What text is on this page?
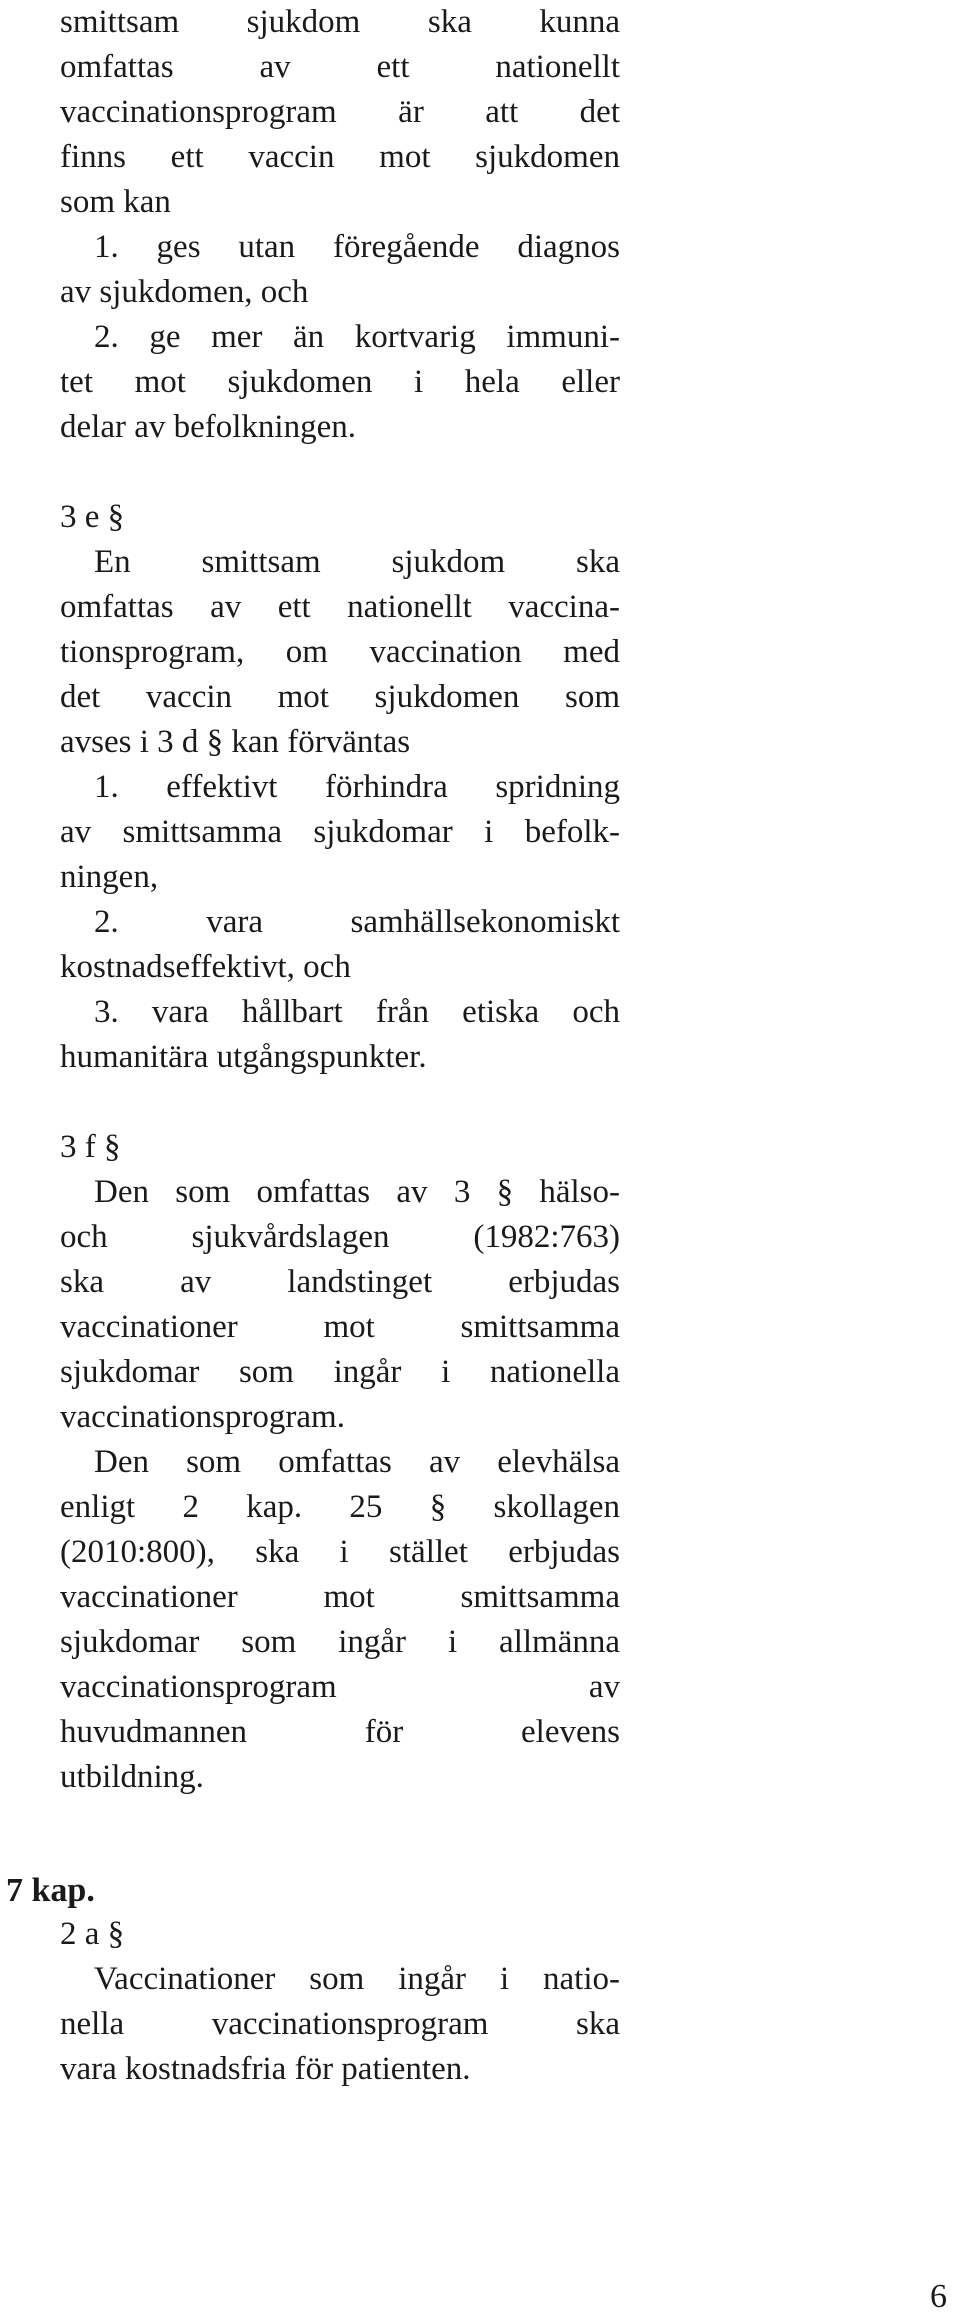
smittsam sjukdom ska kunna
omfattas av ett nationellt
vaccinationsprogram är att det
finns ett vaccin mot sjukdomen
som kan
1. ges utan föregående diagnos
av sjukdomen, och
2. ge mer än kortvarig immuni-
tet mot sjukdomen i hela eller
delar av befolkningen.
3 e §
En smittsam sjukdom ska
omfattas av ett nationellt vaccina-
tionsprogram, om vaccination med
det vaccin mot sjukdomen som
avses i 3 d § kan förväntas
1. effektivt förhindra spridning
av smittsamma sjukdomar i befolk-
ningen,
2. vara samhällsekonomiskt
kostnadseffektivt, och
3. vara hållbart från etiska och
humanitära utgångspunkter.
3 f §
Den som omfattas av 3 § hälso-
och sjukvårdslagen (1982:763)
ska av landstinget erbjudas
vaccinationer mot smittsamma
sjukdomar som ingår i nationella
vaccinationsprogram.
Den som omfattas av elevhälsa
enligt 2 kap. 25 § skollagen
(2010:800), ska i stället erbjudas
vaccinationer mot smittsamma
sjukdomar som ingår i allmänna
vaccinationsprogram av
huvudmannen för elevens
utbildning.
7 kap.
2 a §
Vaccinationer som ingår i natio-
nella vaccinationsprogram ska
vara kostnadsfria för patienten.
6
